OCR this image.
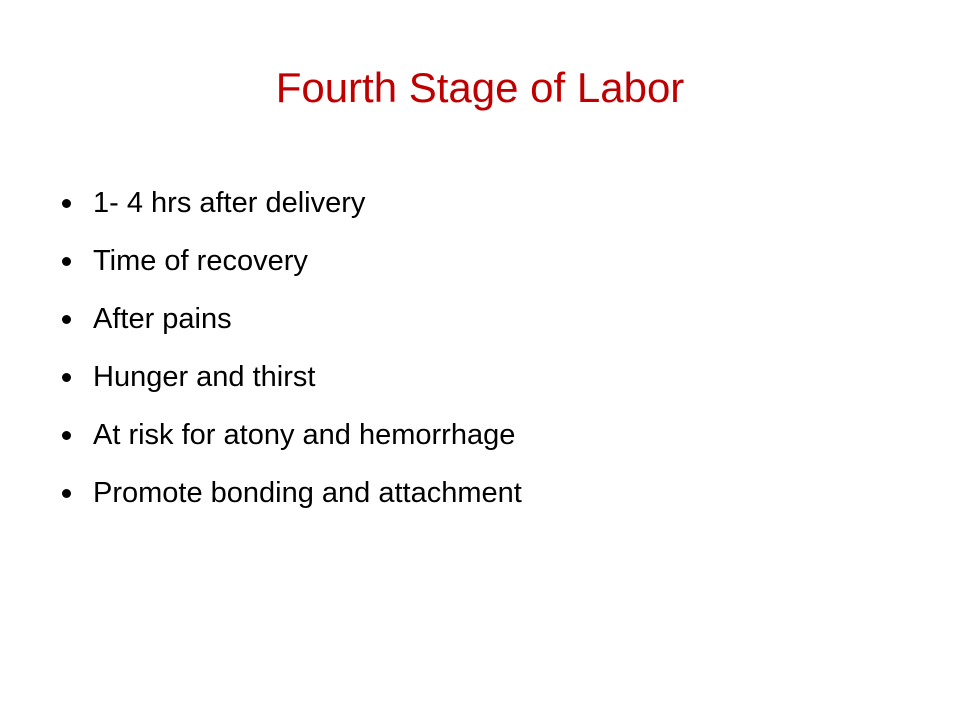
Fourth Stage of Labor
1- 4 hrs after delivery
Time of recovery
After pains
Hunger and thirst
At risk for atony and hemorrhage
Promote bonding and attachment
